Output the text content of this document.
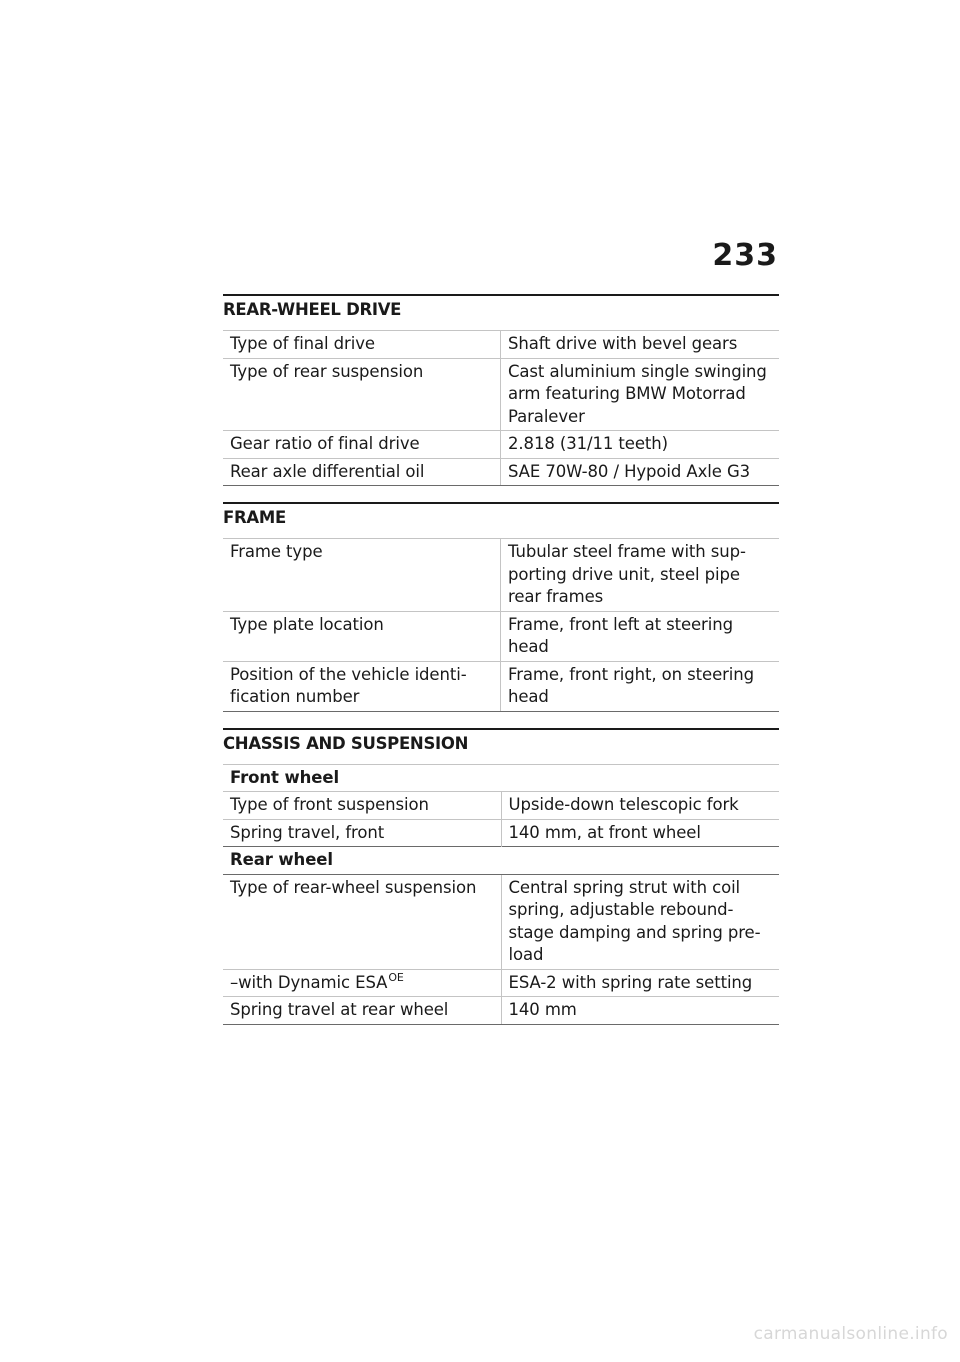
233
REAR-WHEEL DRIVE
Type of final drive	Shaft drive with bevel gears
Type of rear suspension	Cast aluminium single swinging arm featuring BMW Motorrad Paralever
Gear ratio of final drive	2.818 (31/11 teeth)
Rear axle differential oil	SAE 70W-80 / Hypoid Axle G3
FRAME
Frame type	Tubular steel frame with sup-porting drive unit, steel pipe rear frames
Type plate location	Frame, front left at steering head
Position of the vehicle identi-fication number	Frame, front right, on steering head
CHASSIS AND SUSPENSION
Front wheel	
Type of front suspension	Upside-down telescopic fork
Spring travel, front	140 mm, at front wheel
Rear wheel	
Type of rear-wheel suspension	Central spring strut with coil spring, adjustable rebound-stage damping and spring pre-load
–with Dynamic $ESA^{OE}$	ESA-2 with spring rate setting
Spring travel at rear wheel	140 mm
carmanualsonline.info
